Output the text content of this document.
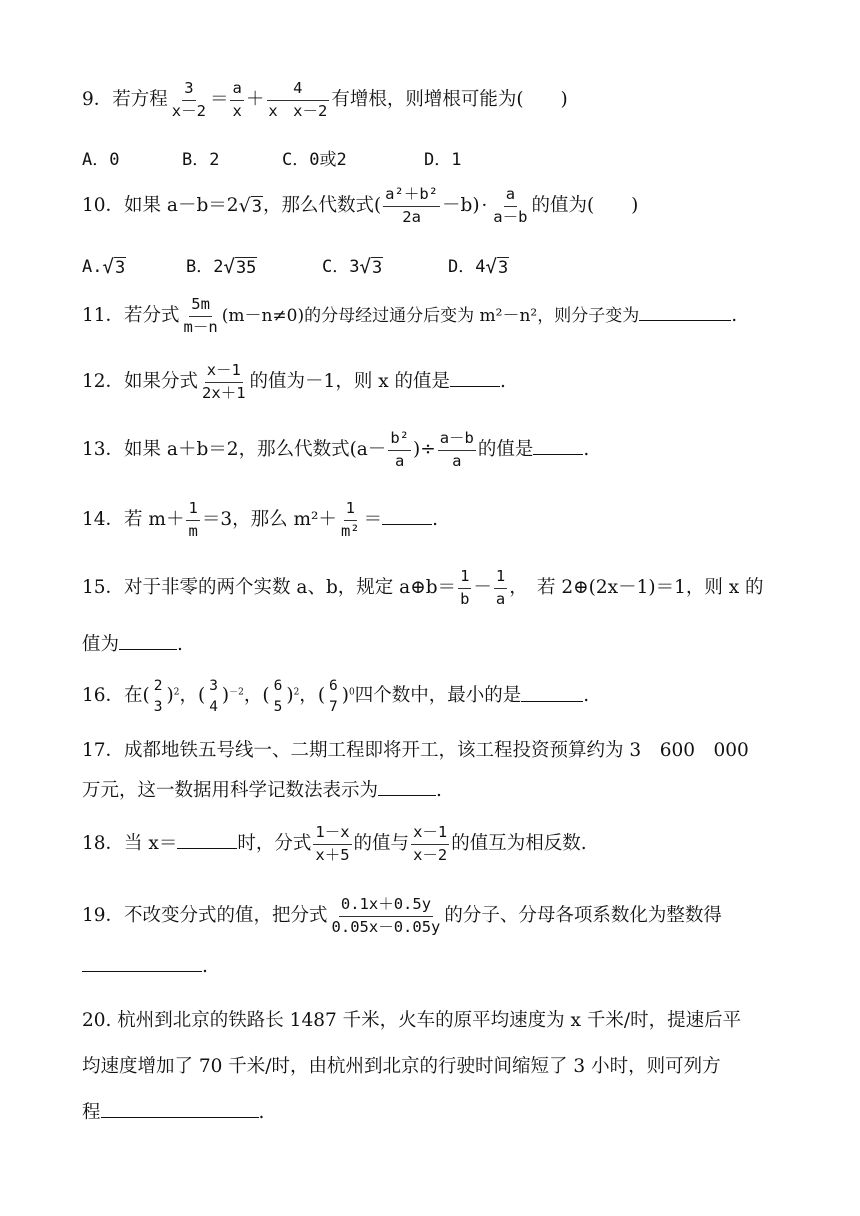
9．若方程 $\frac{3}{x-2} = \frac{a}{x} + \frac{4}{\text{x　x－2}}$ 有增根，则增根可能为(　　)
A．0	B．2	C．0或2	D．1
10．如果 a－b＝2√3，那么代数式( $\frac{\text{a²＋b²}}{2a} -b) \cdot \frac{a}{a-b}$ 的值为(　　)
A.√3	B．2√35	C．3√3	D．4√3
11．若分式 $\frac{5m}{m-n} (m-n\ne 0)$的分母经过通分后变为 m²－n²，则分子变为	.
12．如果分式 $\frac{x-1}{2x+1}$ 的值为－1，则 x 的值是	.
13．如果 a＋b＝2，那么代数式($a- \frac{\text{b²}}{a}$ )÷ $\frac{a-b}{a}$ 的值是	.
14．若 $m+ \frac{1}{m} =3$，那么 $m^2+ \frac{1}{\text{m²}}$ ＝	.
15．对于非零的两个实数 a、b，规定 a⊕b＝ $\frac{1}{b} - \frac{1}{a}$ ，　若 2⊕(2x－1)＝1，则 x 的
值为	.
16．在( 2
3
)$^2$，( 3
4
)$^{-2}$，( 6
5
)$^2$，( 6
7
)$^0$四个数中，最小的是	.
17．成都地铁五号线一、二期工程即将开工，该工程投资预算约为 3　600　000
万元，这一数据用科学记数法表示为	.
18．当 x＝	时，分式 $\frac{1-x}{x+5}$ 的值与 $\frac{x-1}{x-2}$ 的值互为相反数.
19．不改变分式的值，把分式 $\frac{0.1x+0.5y}{0.05x-0.05y}$ 的分子、分母各项系数化为整数得
.
20. 杭州到北京的铁路长 1487 千米，火车的原平均速度为 x 千米/时，提速后平
均速度增加了 70 千米/时，由杭州到北京的行驶时间缩短了 3 小时，则可列方
程	.
